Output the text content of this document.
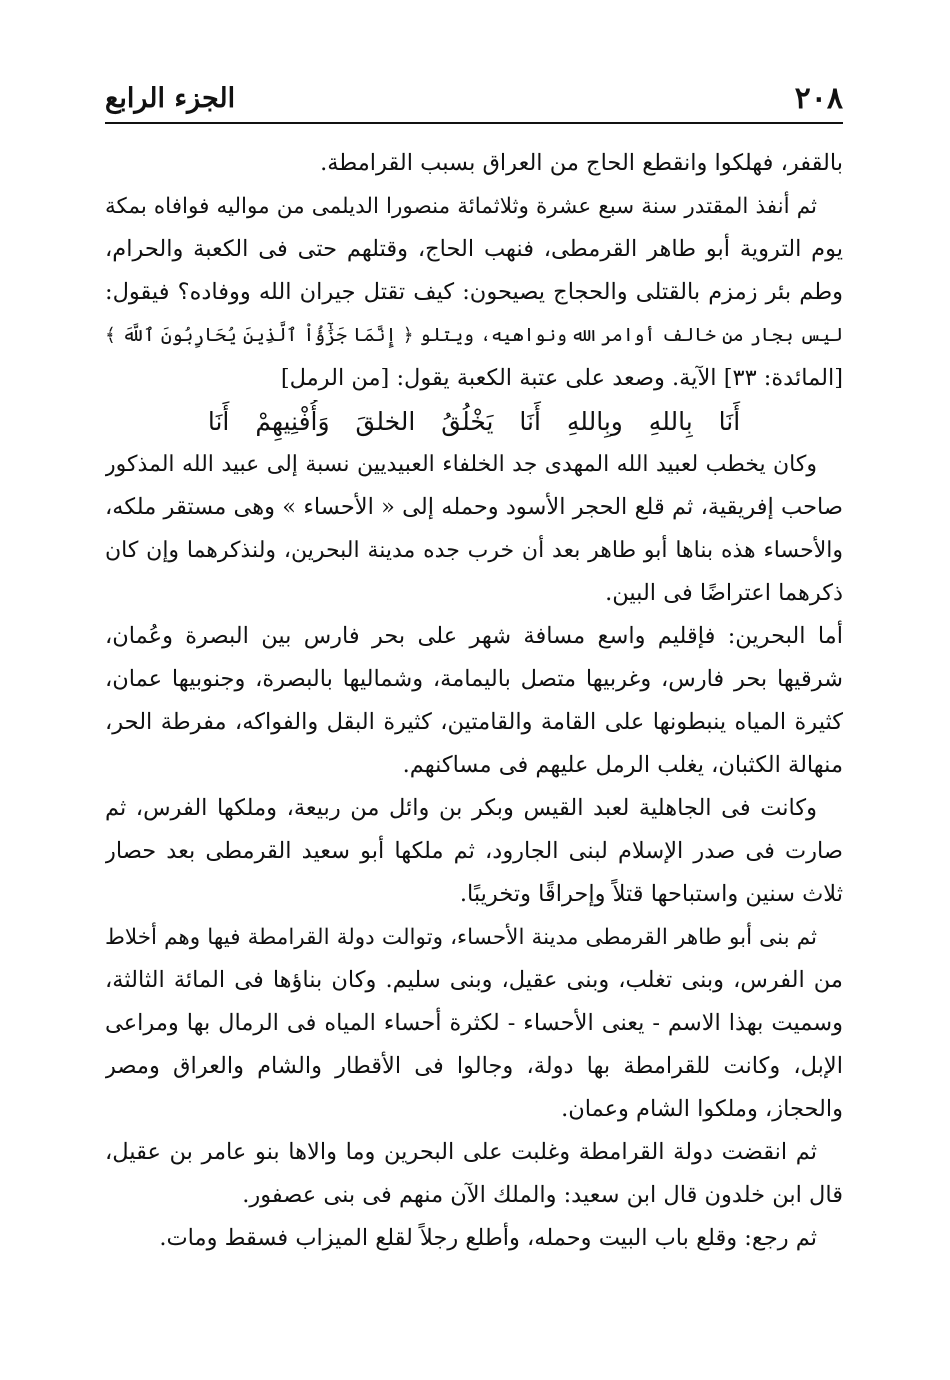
٢٠٨
الجزء الرابع
بالقفر، فهلكوا وانقطع الحاج من العراق بسبب القرامطة.
ثم أنفذ المقتدر سنة سبع عشرة وثلاثمائة منصورا الديلمى من مواليه فوافاه بمكة
يوم التروية أبو طاهر القرمطى، فنهب الحاج، وقتلهم حتى فى الكعبة والحرام،
وطم بئر زمزم بالقتلى والحجاج يصيحون: كيف تقتل جيران الله ووفاده؟ فيقول:
ليس بجار من خالف أوامر الله ونواهيه، ويتلو ﴿ إِنَّمَا جَزَٰٓؤُاْ ٱلَّذِينَ يُحَارِبُونَ ٱللَّهَ ﴾
[المائدة: ٣٣] الآية. وصعد على عتبة الكعبة يقول: [من الرمل]
أَنَا بِاللهِ وبِاللهِ أَنَا يَخْلُقُ الخلقَ وَأُفْنِيهِمْ أَنَا
وكان يخطب لعبيد الله المهدى جد الخلفاء العبيديين نسبة إلى عبيد الله المذكور
صاحب إفريقية، ثم قلع الحجر الأسود وحمله إلى « الأحساء » وهى مستقر ملكه،
والأحساء هذه بناها أبو طاهر بعد أن خرب جده مدينة البحرين، ولنذكرهما وإن كان
ذكرهما اعتراضًا فى البين.
أما البحرين: فإقليم واسع مسافة شهر على بحر فارس بين البصرة وعُمان،
شرقيها بحر فارس، وغربيها متصل باليمامة، وشماليها بالبصرة، وجنوبيها عمان،
كثيرة المياه ينبطونها على القامة والقامتين، كثيرة البقل والفواكه، مفرطة الحر،
منهالة الكثبان، يغلب الرمل عليهم فى مساكنهم.
وكانت فى الجاهلية لعبد القيس وبكر بن وائل من ربيعة، وملكها الفرس، ثم
صارت فى صدر الإسلام لبنى الجارود، ثم ملكها أبو سعيد القرمطى بعد حصار
ثلاث سنين واستباحها قتلاً وإحراقًا وتخريبًا.
ثم بنى أبو طاهر القرمطى مدينة الأحساء، وتوالت دولة القرامطة فيها وهم أخلاط
من الفرس، وبنى تغلب، وبنى عقيل، وبنى سليم. وكان بناؤها فى المائة الثالثة،
وسميت بهذا الاسم - يعنى الأحساء - لكثرة أحساء المياه فى الرمال بها ومراعى
الإبل، وكانت للقرامطة بها دولة، وجالوا فى الأقطار والشام والعراق ومصر
والحجاز، وملكوا الشام وعمان.
ثم انقضت دولة القرامطة وغلبت على البحرين وما والاها بنو عامر بن عقيل،
قال ابن خلدون قال ابن سعيد: والملك الآن منهم فى بنى عصفور.
ثم رجع: وقلع باب البيت وحمله، وأطلع رجلاً لقلع الميزاب فسقط ومات.
